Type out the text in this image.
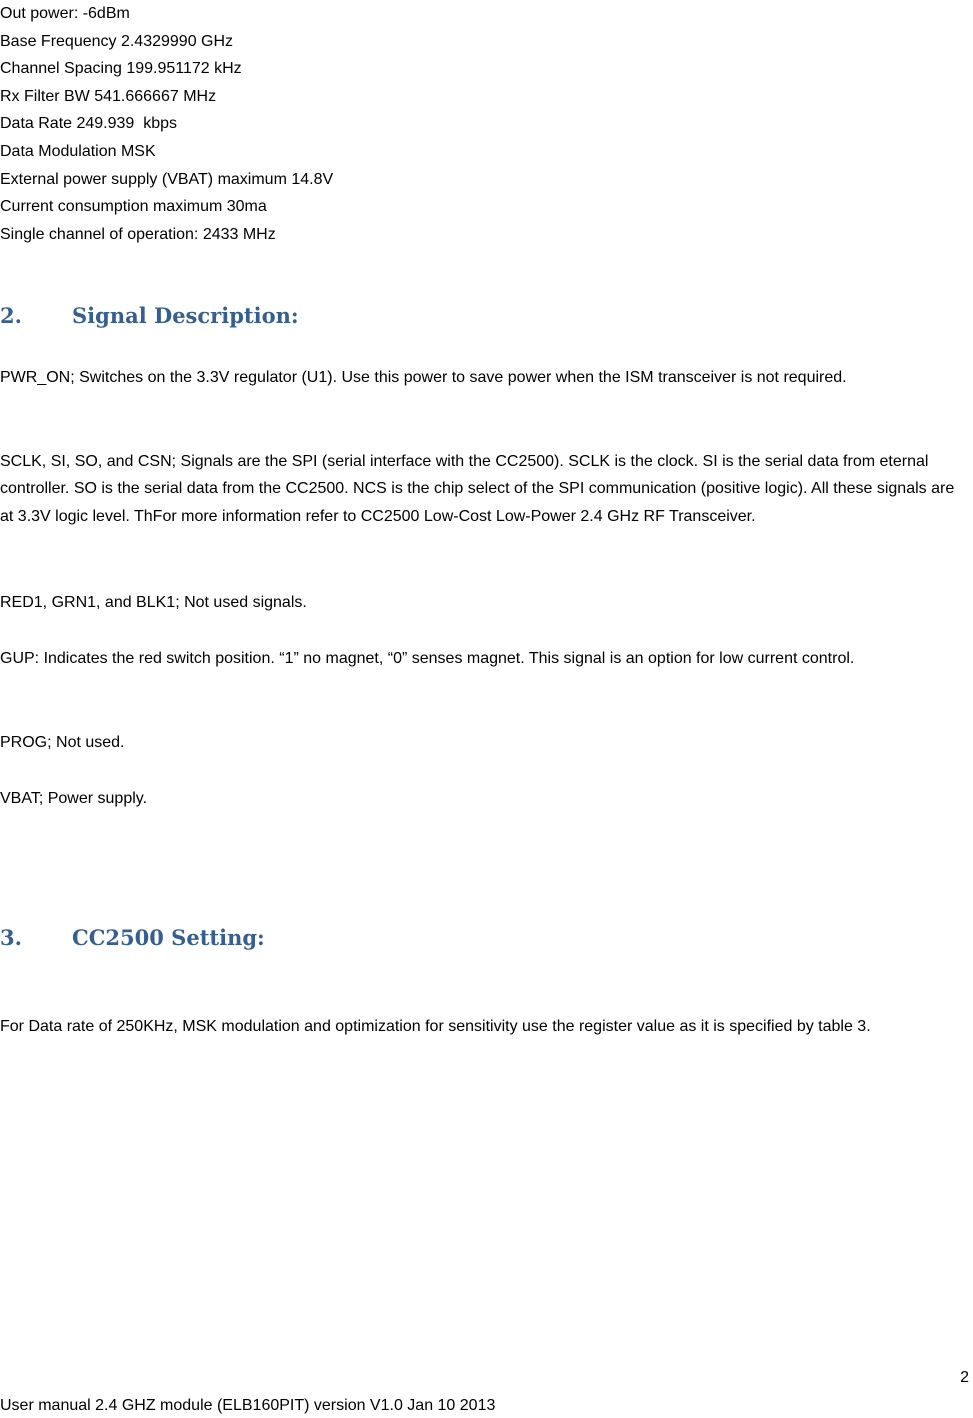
Out power: -6dBm
Base Frequency 2.4329990 GHz
Channel Spacing 199.951172 kHz
Rx Filter BW 541.666667 MHz
Data Rate 249.939  kbps
Data Modulation MSK
External power supply (VBAT) maximum 14.8V
Current consumption maximum 30ma
Single channel of operation: 2433 MHz
2. Signal Description:

PWR_ON; Switches on the 3.3V regulator (U1). Use this power to save power when the ISM transceiver is not required.

SCLK, SI, SO, and CSN; Signals are the SPI (serial interface with the CC2500). SCLK is the clock. SI is the serial data from eternal controller. SO is the serial data from the CC2500. NCS is the chip select of the SPI communication (positive logic). All these signals are at 3.3V logic level. ThFor more information refer to CC2500 Low-Cost Low-Power 2.4 GHz RF Transceiver.

RED1, GRN1, and BLK1; Not used signals.

GUP: Indicates the red switch position. “1” no magnet, “0” senses magnet. This signal is an option for low current control.

PROG; Not used.

VBAT; Power supply.

3. CC2500 Setting:

For Data rate of 250KHz, MSK modulation and optimization for sensitivity use the register value as it is specified by table 3.

2
User manual 2.4 GHZ module (ELB160PIT) version V1.0 Jan 10 2013
